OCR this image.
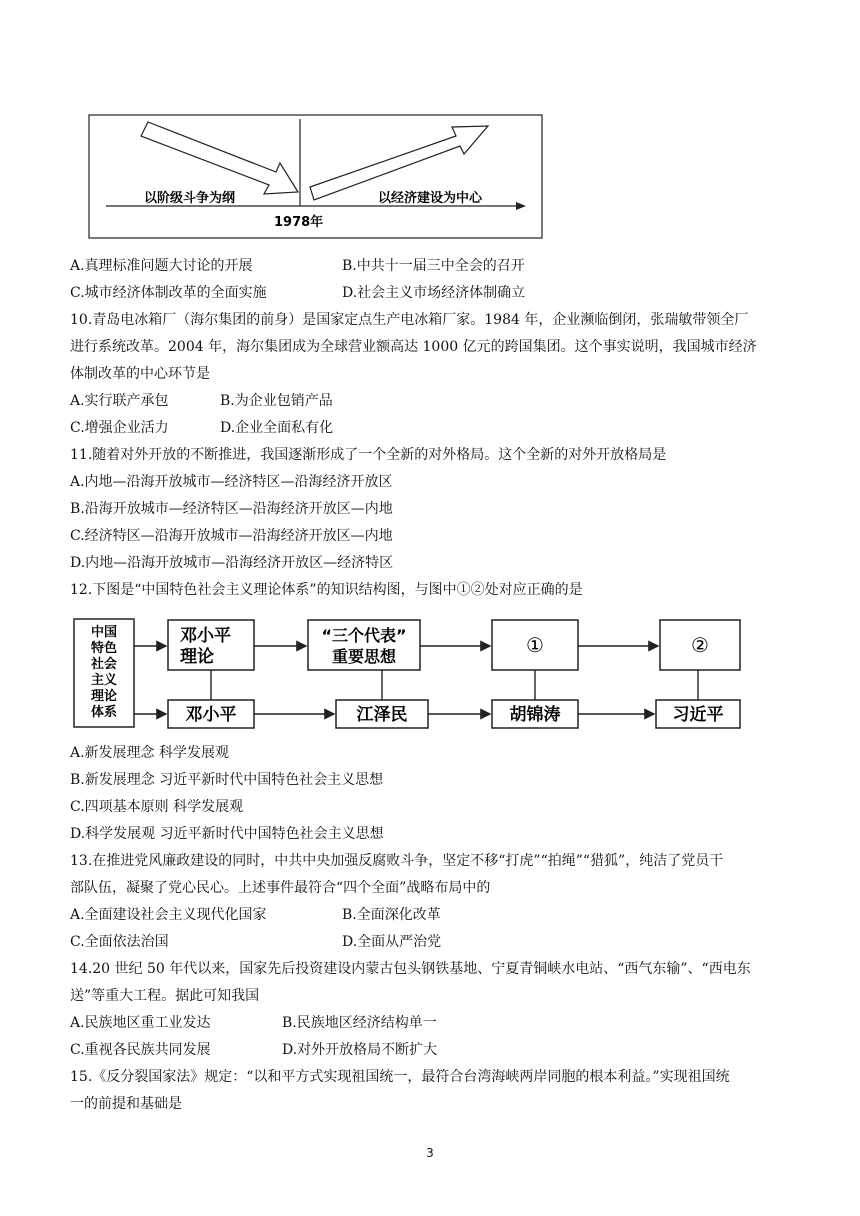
以阶级斗争为纲	以经济建设为中心
1978年
A.真理标准问题大讨论的开展	B.中共十一届三中全会的召开
C.城市经济体制改革的全面实施	D.社会主义市场经济体制确立
10.青岛电冰箱厂（海尔集团的前身）是国家定点生产电冰箱厂家。1984 年，企业濒临倒闭，张瑞敏带领全厂
进行系统改革。2004 年，海尔集团成为全球营业额高达 1000 亿元的跨国集团。这个事实说明，我国城市经济
体制改革的中心环节是
A.实行联产承包	B.为企业包销产品
C.增强企业活力	D.企业全面私有化
11.随着对外开放的不断推进，我国逐渐形成了一个全新的对外格局。这个全新的对外开放格局是
A.内地—沿海开放城市—经济特区—沿海经济开放区
B.沿海开放城市—经济特区—沿海经济开放区—内地
C.经济特区—沿海开放城市—沿海经济开放区—内地
D.内地—沿海开放城市—沿海经济开放区—经济特区
12.下图是“中国特色社会主义理论体系”的知识结构图，与图中①②处对应正确的是
中国
特色
社会
主义
理论
体系
邓小平
理论
“三个代表”
重要思想	①	②
邓小平	江泽民	胡锦涛	习近平
A.新发展理念 科学发展观
B.新发展理念 习近平新时代中国特色社会主义思想
C.四项基本原则 科学发展观
D.科学发展观 习近平新时代中国特色社会主义思想
13.在推进党风廉政建设的同时，中共中央加强反腐败斗争，坚定不移“打虎”“拍绳”“猎狐”，纯洁了党员干
部队伍，凝聚了党心民心。上述事件最符合“四个全面”战略布局中的
A.全面建设社会主义现代化国家	B.全面深化改革
C.全面依法治国	D.全面从严治党
14.20 世纪 50 年代以来，国家先后投资建设内蒙古包头钢铁基地、宁夏青铜峡水电站、“西气东输”、“西电东
送”等重大工程。据此可知我国
A.民族地区重工业发达	B.民族地区经济结构单一
C.重视各民族共同发展	D.对外开放格局不断扩大
15.《反分裂国家法》规定：“以和平方式实现祖国统一，最符合台湾海峡两岸同胞的根本利益。”实现祖国统
一的前提和基础是
3
